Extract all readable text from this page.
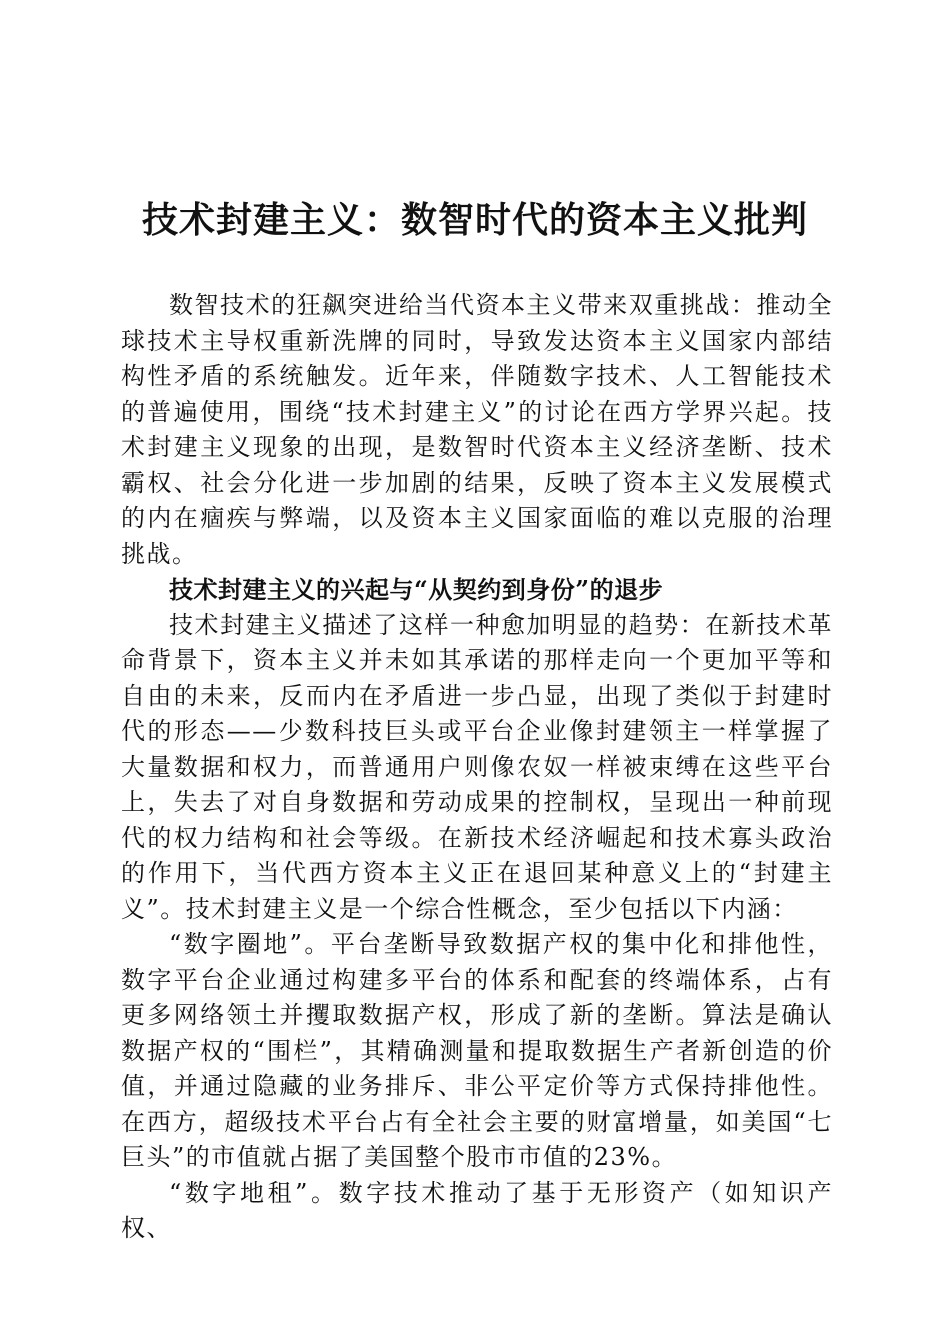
技术封建主义：数智时代的资本主义批判

数智技术的狂飙突进给当代资本主义带来双重挑战：推动全球技术主导权重新洗牌的同时，导致发达资本主义国家内部结构性矛盾的系统触发。近年来，伴随数字技术、人工智能技术的普遍使用，围绕“技术封建主义”的讨论在西方学界兴起。技术封建主义现象的出现，是数智时代资本主义经济垄断、技术霸权、社会分化进一步加剧的结果，反映了资本主义发展模式的内在痼疾与弊端，以及资本主义国家面临的难以克服的治理挑战。

技术封建主义的兴起与“从契约到身份”的退步

技术封建主义描述了这样一种愈加明显的趋势：在新技术革命背景下，资本主义并未如其承诺的那样走向一个更加平等和自由的未来，反而内在矛盾进一步凸显，出现了类似于封建时代的形态——少数科技巨头或平台企业像封建领主一样掌握了大量数据和权力，而普通用户则像农奴一样被束缚在这些平台上，失去了对自身数据和劳动成果的控制权，呈现出一种前现代的权力结构和社会等级。在新技术经济崛起和技术寡头政治的作用下，当代西方资本主义正在退回某种意义上的“封建主义”。技术封建主义是一个综合性概念，至少包括以下内涵：

“数字圈地”。平台垄断导致数据产权的集中化和排他性，数字平台企业通过构建多平台的体系和配套的终端体系，占有更多网络领土并攫取数据产权，形成了新的垄断。算法是确认数据产权的“围栏”，其精确测量和提取数据生产者新创造的价值，并通过隐藏的业务排斥、非公平定价等方式保持排他性。在西方，超级技术平台占有全社会主要的财富增量，如美国“七巨头”的市值就占据了美国整个股市市值的23%。

“数字地租”。数字技术推动了基于无形资产（如知识产权、
